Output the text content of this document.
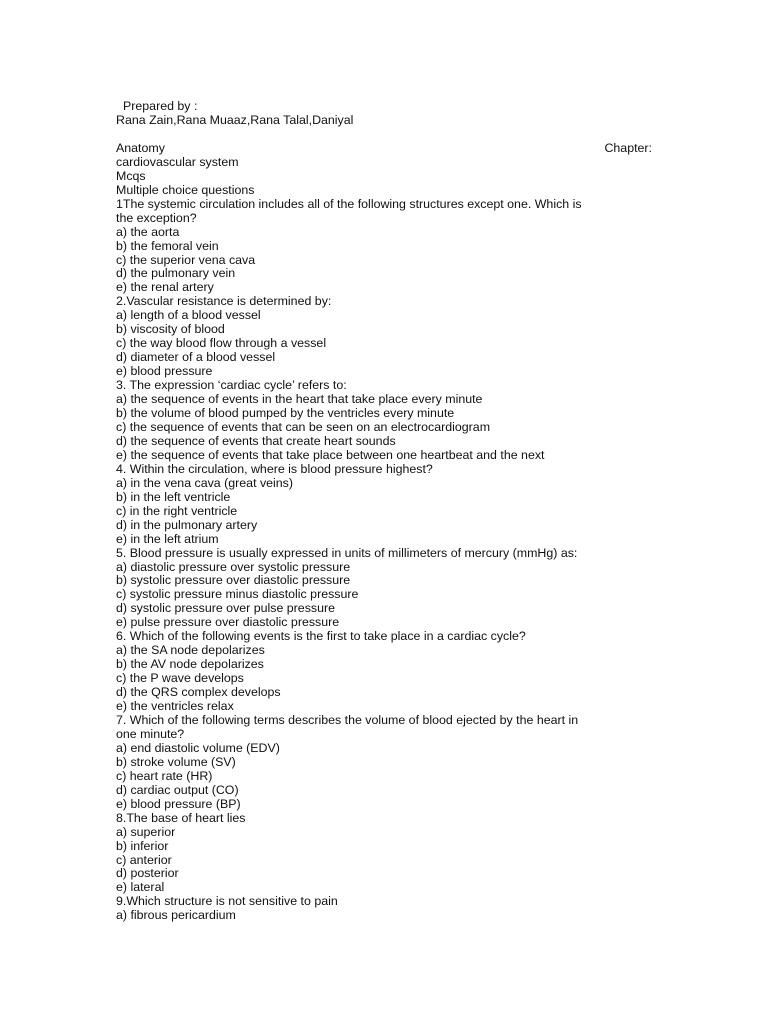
Prepared by :

Rana Zain,Rana Muaaz,Rana Talal,Daniyal

Anatomy	Chapter:

cardiovascular system

Mcqs

Multiple choice questions

1The systemic circulation includes all of the following structures except one. Which is the exception?

a) the aorta

b) the femoral vein

c) the superior vena cava

d) the pulmonary vein

e) the renal artery

2.Vascular resistance is determined by:

a) length of a blood vessel

b) viscosity of blood

c) the way blood flow through a vessel

d) diameter of a blood vessel

e) blood pressure

3. The expression ‘cardiac cycle’ refers to:

a) the sequence of events in the heart that take place every minute

b) the volume of blood pumped by the ventricles every minute

c) the sequence of events that can be seen on an electrocardiogram

d) the sequence of events that create heart sounds

e) the sequence of events that take place between one heartbeat and the next

4. Within the circulation, where is blood pressure highest?

a) in the vena cava (great veins)

b) in the left ventricle

c) in the right ventricle

d) in the pulmonary artery

e) in the left atrium

5. Blood pressure is usually expressed in units of millimeters of mercury (mmHg) as:

a) diastolic pressure over systolic pressure

b) systolic pressure over diastolic pressure

c) systolic pressure minus diastolic pressure

d) systolic pressure over pulse pressure

e) pulse pressure over diastolic pressure

6. Which of the following events is the first to take place in a cardiac cycle?

a) the SA node depolarizes

b) the AV node depolarizes

c) the P wave develops

d) the QRS complex develops

e) the ventricles relax

7. Which of the following terms describes the volume of blood ejected by the heart in one minute?

a) end diastolic volume (EDV)

b) stroke volume (SV)

c) heart rate (HR)

d) cardiac output (CO)

e) blood pressure (BP)

8.The base of heart lies

a) superior

b) inferior

c) anterior

d) posterior

e) lateral

9.Which structure is not sensitive to pain

a) fibrous pericardium
